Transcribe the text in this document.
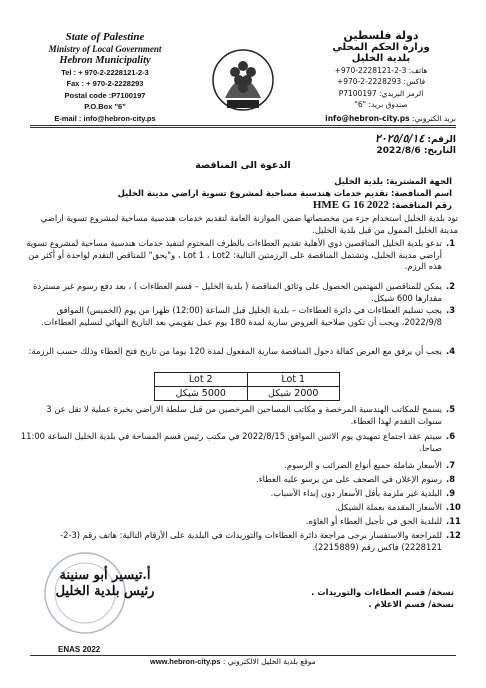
State of Palestine
Ministry of Local Government
Hebron Municipality
Tel : + 970-2-2228121-2-3
Fax : + 970-2-2228293
Postal code :P7100197
P.O.Box "6"
E-mail : info@hebron-city.ps
دولة فلسطين
وزارة الحكم المحلي
بلدية الخليل
هاتف: 3-2-2228121-970+
فاكس: 2228293-2-970+
الرمز البريدي: P7100197
صندوق بريد: "6"
بريد الكتروني: info@hebron-city.ps
الرقم: ٢٠٢٥/٥/١٤
التاريخ: 2022/8/6
الدعوة الى المناقصة
الجهة المشترية: بلدية الخليل
اسم المناقصة: تقديم خدمات هندسية مساحية لمشروع تسوية اراضي مدينة الخليل
رقم المناقصة: HME G 16 2022
تود بلدية الخليل استخدام جزء من مخصصاتها ضمن الموازنة العامة لتقديم خدمات هندسية مساحية لمشروع تسوية اراضي مدينة الخليل الممول من قبل بلدية الخليل.
1.
تدعو بلدية الخليل المناقصين ذوي الأهلية تقديم العطاءات بالظرف المختوم لتنفيذ خدمات هندسية مساحية لمشروع تسوية أراضي مدينة الخليل، وتشتمل المناقصة على الرزمتين التالية: Lot 1 ، Lot2 ، و"يحق" للمناقص التقدم لواحدة أو أكثر من هذه الرزم.
2.
يمكن للمناقصين المهتمين الحصول على وثائق المناقصة ( بلدية الخليل – قسم العطاءات ) ، بعد دفع رسوم غير مستردة مقدارها 600 شيكل.
3.
يجب تسليم العطاءات في دائرة العطاءات – بلدية الخليل قبل الساعة (12:00) ظهرا من يوم (الخميس) الموافق 2022/9/8، ويجب أن تكون صلاحية العروض سارية لمدة 180 يوم عمل تقويمي بعد التاريخ النهائي لتسليم العطاءات.
4.
يجب أن يرفق مع العرض كفالة دخول المناقصة سارية المفعول لمدة 120 يوما من تاريخ فتح العطاء وذلك حسب الرزمة:
Lot 2	Lot 1
5000 شيكل	2000 شيكل
5.
يسمح للمكاتب الهندسية المرخصة و مكاتب المساحين المرخصين من قبل سلطة الاراضي بخبرة عملية لا تقل عن 3 سنوات التقدم لهذا العطاء.
6.
سيتم عقد اجتماع تمهيدي يوم الاثنين الموافق 2022/8/15 في مكتب رئيس قسم المساحة في بلدية الخليل الساعة 11:00 صباحا.
7.
الأسعار شاملة جميع أنواع الضرائب و الرسوم.
8.
رسوم الإعلان في الصحف على من يرسو عليه العطاء.
9.
البلدية غير ملزمة بأقل الأسعار دون إبداء الأسباب.
10.
الأسعار المقدمة بعملة الشيكل.
11.
للبلدية الحق في تأجيل العطاء أو الغاؤه.
12.
للمراجعة والاستفسار يرجى مراجعة دائرة العطاءات والتوريدات في البلدية على الأرقام التالية: هاتف رقم (3-2-2228121) فاكس رقم (2215889).
أ.تيسير أبو سنينة
رئيس بلدية الخليل	نسخة/ قسم العطاءات والتوريدات .
نسخة/ قسم الاعلام .
ENAS 2022
موقع بلدية الخليل الالكتروني : www.hebron-city.ps
